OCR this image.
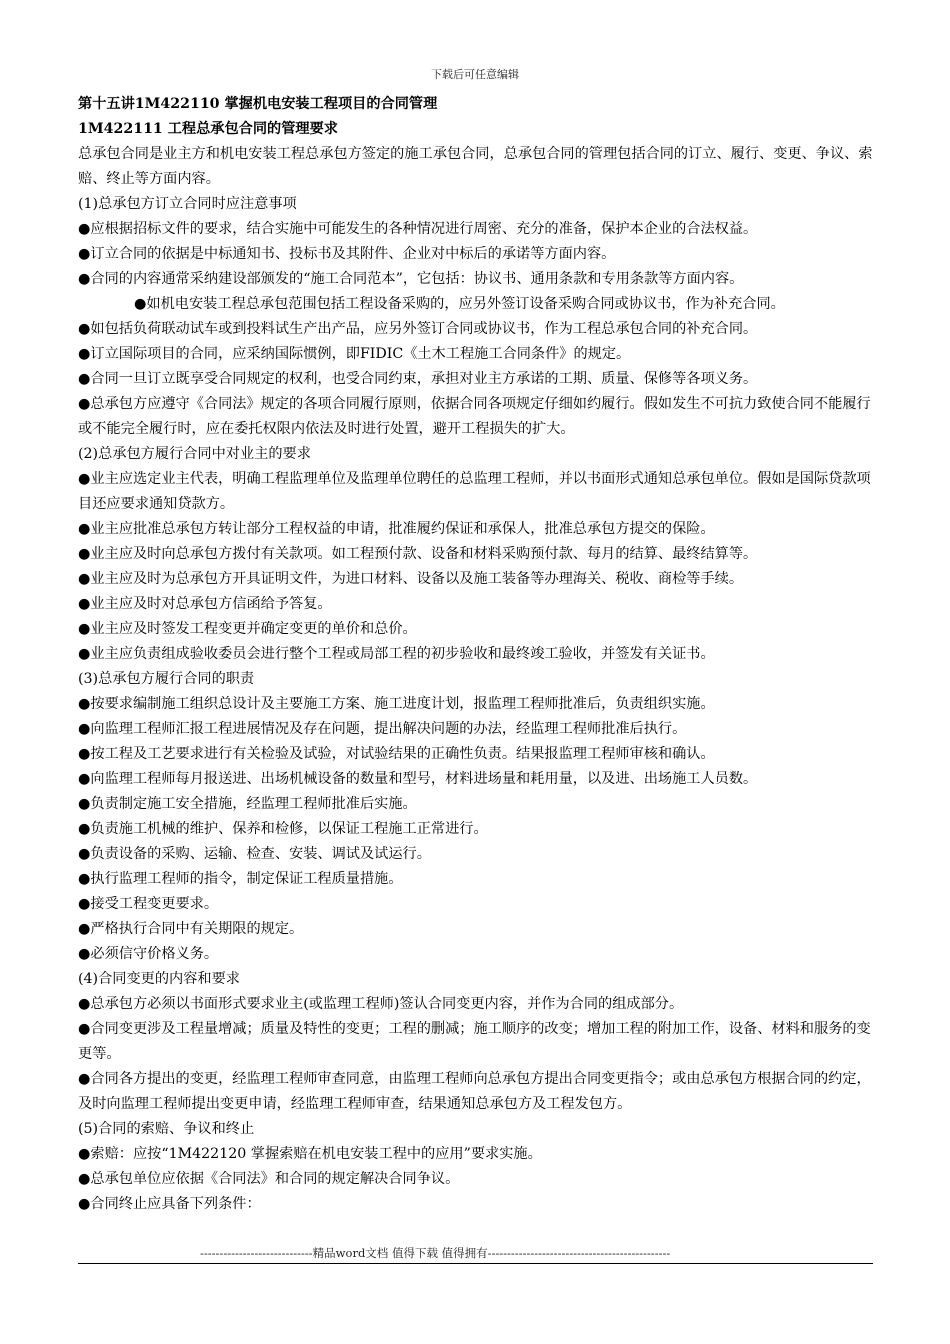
下载后可任意编辑

第十五讲1M422110 掌握机电安装工程项目的合同管理

1M422111 工程总承包合同的管理要求

总承包合同是业主方和机电安装工程总承包方签定的施工承包合同，总承包合同的管理包括合同的订立、履行、变更、争议、索赔、终止等方面内容。

(1)总承包方订立合同时应注意事项

●应根据招标文件的要求，结合实施中可能发生的各种情况进行周密、充分的准备，保护本企业的合法权益。

●订立合同的依据是中标通知书、投标书及其附件、企业对中标后的承诺等方面内容。

●合同的内容通常采纳建设部颁发的“施工合同范本”，它包括：协议书、通用条款和专用条款等方面内容。

●如机电安装工程总承包范围包括工程设备采购的，应另外签订设备采购合同或协议书，作为补充合同。

●如包括负荷联动试车或到投料试生产出产品，应另外签订合同或协议书，作为工程总承包合同的补充合同。

●订立国际项目的合同，应采纳国际惯例，即FIDIC《土木工程施工合同条件》的规定。

●合同一旦订立既享受合同规定的权利，也受合同约束，承担对业主方承诺的工期、质量、保修等各项义务。

●总承包方应遵守《合同法》规定的各项合同履行原则，依据合同各项规定仔细如约履行。假如发生不可抗力致使合同不能履行或不能完全履行时，应在委托权限内依法及时进行处置，避开工程损失的扩大。

(2)总承包方履行合同中对业主的要求

●业主应选定业主代表，明确工程监理单位及监理单位聘任的总监理工程师，并以书面形式通知总承包单位。假如是国际贷款项目还应要求通知贷款方。

●业主应批准总承包方转让部分工程权益的申请，批准履约保证和承保人，批准总承包方提交的保险。

●业主应及时向总承包方拨付有关款项。如工程预付款、设备和材料采购预付款、每月的结算、最终结算等。

●业主应及时为总承包方开具证明文件，为进口材料、设备以及施工装备等办理海关、税收、商检等手续。

●业主应及时对总承包方信函给予答复。

●业主应及时签发工程变更并确定变更的单价和总价。

●业主应负责组成验收委员会进行整个工程或局部工程的初步验收和最终竣工验收，并签发有关证书。

(3)总承包方履行合同的职责

●按要求编制施工组织总设计及主要施工方案、施工进度计划，报监理工程师批准后，负责组织实施。

●向监理工程师汇报工程进展情况及存在问题，提出解决问题的办法，经监理工程师批准后执行。

●按工程及工艺要求进行有关检验及试验，对试验结果的正确性负责。结果报监理工程师审核和确认。

●向监理工程师每月报送进、出场机械设备的数量和型号，材料进场量和耗用量，以及进、出场施工人员数。

●负责制定施工安全措施，经监理工程师批准后实施。

●负责施工机械的维护、保养和检修，以保证工程施工正常进行。

●负责设备的采购、运输、检查、安装、调试及试运行。

●执行监理工程师的指令，制定保证工程质量措施。

●接受工程变更要求。

●严格执行合同中有关期限的规定。

●必须信守价格义务。

(4)合同变更的内容和要求

●总承包方必须以书面形式要求业主(或监理工程师)签认合同变更内容，并作为合同的组成部分。

●合同变更涉及工程量增减；质量及特性的变更；工程的删减；施工顺序的改变；增加工程的附加工作，设备、材料和服务的变更等。

●合同各方提出的变更，经监理工程师审查同意，由监理工程师向总承包方提出合同变更指令；或由总承包方根据合同的约定，及时向监理工程师提出变更申请，经监理工程师审查，结果通知总承包方及工程发包方。

(5)合同的索赔、争议和终止

●索赔：应按“1M422120 掌握索赔在机电安装工程中的应用”要求实施。

●总承包单位应依据《合同法》和合同的规定解决合同争议。

●合同终止应具备下列条件：

-----------------------------精品word文档 值得下载 值得拥有-----------------------------------------------
